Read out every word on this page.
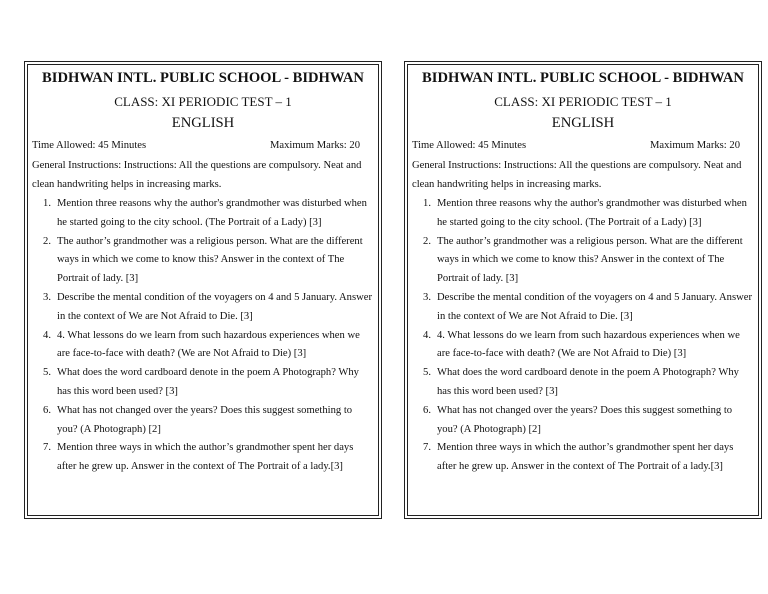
BIDHWAN INTL. PUBLIC SCHOOL - BIDHWAN
CLASS: XI PERIODIC TEST – 1
ENGLISH
Time Allowed: 45 Minutes	Maximum Marks: 20
General Instructions: Instructions: All the questions are compulsory. Neat and clean handwriting helps in increasing marks.
1. Mention three reasons why the author's grandmother was disturbed when he started going to the city school. (The Portrait of a Lady) [3]
2. The author’s grandmother was a religious person. What are the different ways in which we come to know this? Answer in the context of The Portrait of lady. [3]
3. Describe the mental condition of the voyagers on 4 and 5 January. Answer in the context of We are Not Afraid to Die. [3]
4. 4. What lessons do we learn from such hazardous experiences when we are face-to-face with death? (We are Not Afraid to Die) [3]
5. What does the word cardboard denote in the poem A Photograph? Why has this word been used? [3]
6. What has not changed over the years? Does this suggest something to you? (A Photograph) [2]
7. Mention three ways in which the author’s grandmother spent her days after he grew up. Answer in the context of The Portrait of a lady.[3]
BIDHWAN INTL. PUBLIC SCHOOL - BIDHWAN
CLASS: XI PERIODIC TEST – 1
ENGLISH
Time Allowed: 45 Minutes	Maximum Marks: 20
General Instructions: Instructions: All the questions are compulsory. Neat and clean handwriting helps in increasing marks.
1. Mention three reasons why the author's grandmother was disturbed when he started going to the city school. (The Portrait of a Lady) [3]
2. The author’s grandmother was a religious person. What are the different ways in which we come to know this? Answer in the context of The Portrait of lady. [3]
3. Describe the mental condition of the voyagers on 4 and 5 January. Answer in the context of We are Not Afraid to Die. [3]
4. 4. What lessons do we learn from such hazardous experiences when we are face-to-face with death? (We are Not Afraid to Die) [3]
5. What does the word cardboard denote in the poem A Photograph? Why has this word been used? [3]
6. What has not changed over the years? Does this suggest something to you? (A Photograph) [2]
7. Mention three ways in which the author’s grandmother spent her days after he grew up. Answer in the context of The Portrait of a lady.[3]
